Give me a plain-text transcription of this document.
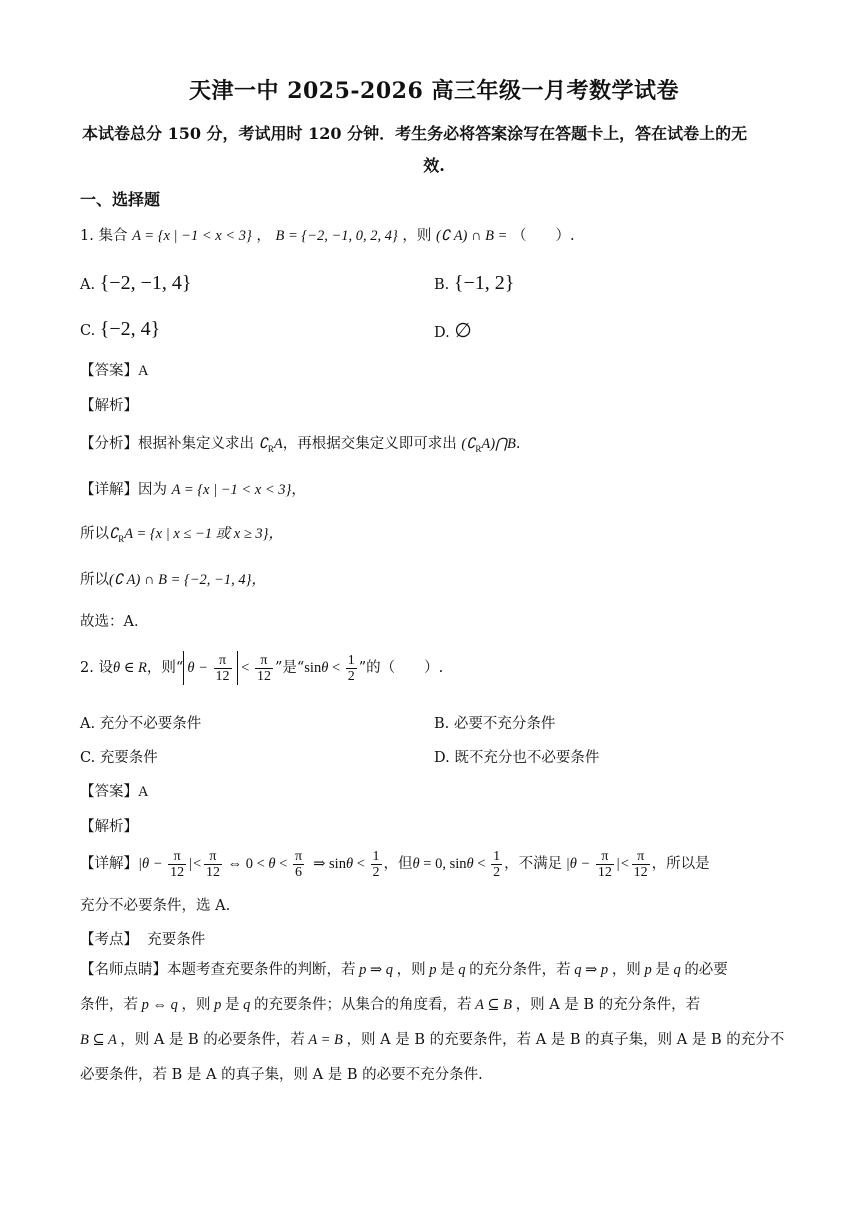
天津一中 2025-2026 高三年级一月考数学试卷
本试卷总分 150 分，考试用时 120 分钟．考生务必将答案涂写在答题卡上，答在试卷上的无
效.
一、选择题
1. 集合 A = {x | −1 < x < 3} ， B = {−2, −1, 0, 2, 4} ，则 (∁ A) ∩ B = （　　）.
A. {−2, −1, 4}	B. {−1, 2}
C. {−2, 4}	D. ∅
【答案】A
【解析】
【分析】根据补集定义求出 $∁_RA$，再根据交集定义即可求出 $(∁_RA)⋂B$.
【详解】因为 A = {x | −1 < x < 3}，
所以$∁_RA = \{x$ | x ≤ −1 或 x ≥ 3}，
所以(∁ A) ∩ B = {−2, −1, 4}，
故选：A．
2. 设θ ∈ R，则“ $\theta - \frac{\pi}{12} < \frac{\pi}{12}$ ”是“$\sin\theta < \frac{1}{2}$ ”的（　　）.
A. 充分不必要条件	B. 必要不充分条件
C. 充要条件	D. 既不充分也不必要条件
【答案】A
【解析】
【详解】$|\theta - \frac{\pi}{12}$ |< $\frac{\pi}{12}$ ⇔ $0 < \theta < \frac{\pi}{6}$ ⇒ $\sin\theta < \frac{1}{2}$ ，但θ = 0, $\sin\theta < \frac{1}{2}$ ，不满足 $|\theta - \frac{\pi}{12}$ |< $\frac{\pi}{12}$ ，所以是
充分不必要条件，选 A.
【考点】 充要条件
【名师点睛】本题考查充要条件的判断，若 p ⇒ q ，则 p 是 q 的充分条件，若 q ⇒ p ，则 p 是 q 的必要
条件，若 p ⇔ q ，则 p 是 q 的充要条件；从集合的角度看，若 A ⊆ B ，则 A 是 B 的充分条件，若
B ⊆ A ，则 A 是 B 的必要条件，若 A = B ，则 A 是 B 的充要条件，若 A 是 B 的真子集，则 A 是 B 的充分不
必要条件，若 B 是 A 的真子集，则 A 是 B 的必要不充分条件.
